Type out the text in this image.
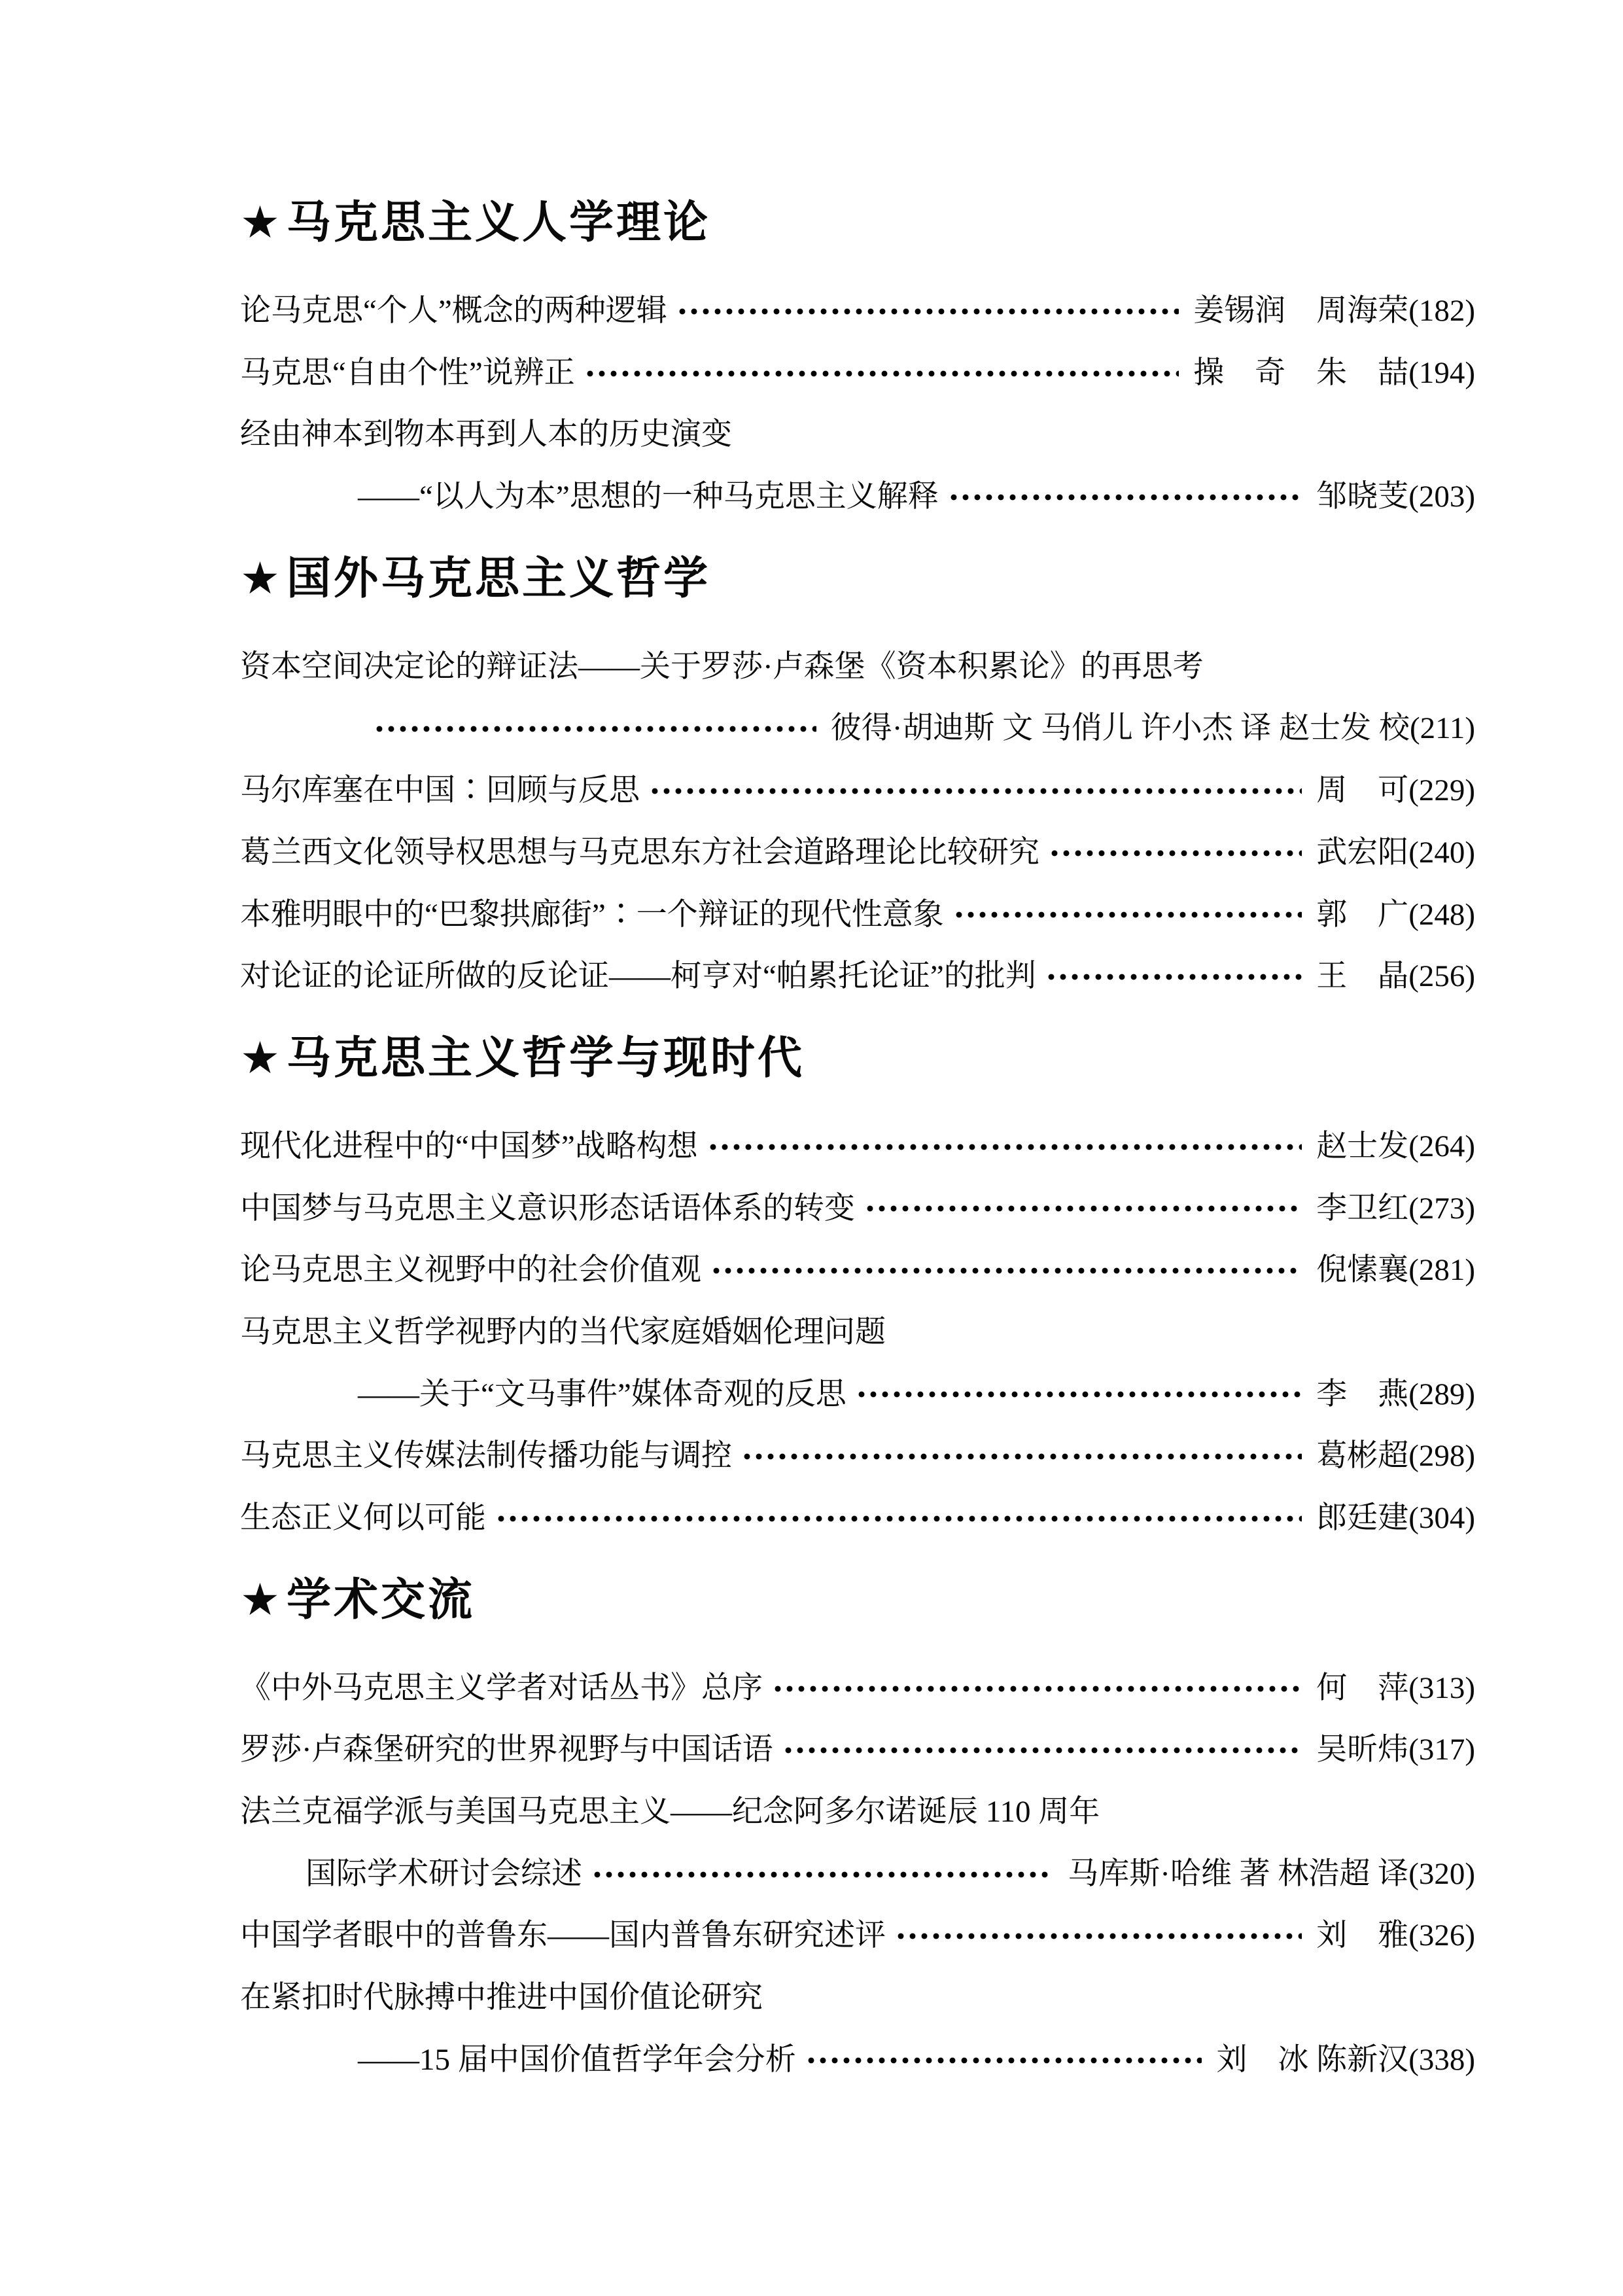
★马克思主义人学理论
论马克思“个人”概念的两种逻辑	姜锡润　周海荣(182)
马克思“自由个性”说辨正	操　奇　朱　喆(194)
经由神本到物本再到人本的历史演变
——“以人为本”思想的一种马克思主义解释	邹晓芰(203)
★国外马克思主义哲学
资本空间决定论的辩证法——关于罗莎·卢森堡《资本积累论》的再思考
彼得·胡迪斯 文 马俏儿 许小杰 译 赵士发 校(211)
马尔库塞在中国∶回顾与反思	周　可(229)
葛兰西文化领导权思想与马克思东方社会道路理论比较研究	武宏阳(240)
本雅明眼中的“巴黎拱廊街”∶一个辩证的现代性意象	郭　广(248)
对论证的论证所做的反论证——柯亨对“帕累托论证”的批判	王　晶(256)
★马克思主义哲学与现时代
现代化进程中的“中国梦”战略构想	赵士发(264)
中国梦与马克思主义意识形态话语体系的转变	李卫红(273)
论马克思主义视野中的社会价值观	倪愫襄(281)
马克思主义哲学视野内的当代家庭婚姻伦理问题
——关于“文马事件”媒体奇观的反思	李　燕(289)
马克思主义传媒法制传播功能与调控	葛彬超(298)
生态正义何以可能	郎廷建(304)
★学术交流
《中外马克思主义学者对话丛书》总序	何　萍(313)
罗莎·卢森堡研究的世界视野与中国话语	吴昕炜(317)
法兰克福学派与美国马克思主义——纪念阿多尔诺诞辰 110 周年
国际学术研讨会综述	马库斯·哈维 著 林浩超 译(320)
中国学者眼中的普鲁东——国内普鲁东研究述评	刘　雅(326)
在紧扣时代脉搏中推进中国价值论研究
——15 届中国价值哲学年会分析	刘　冰 陈新汉(338)
